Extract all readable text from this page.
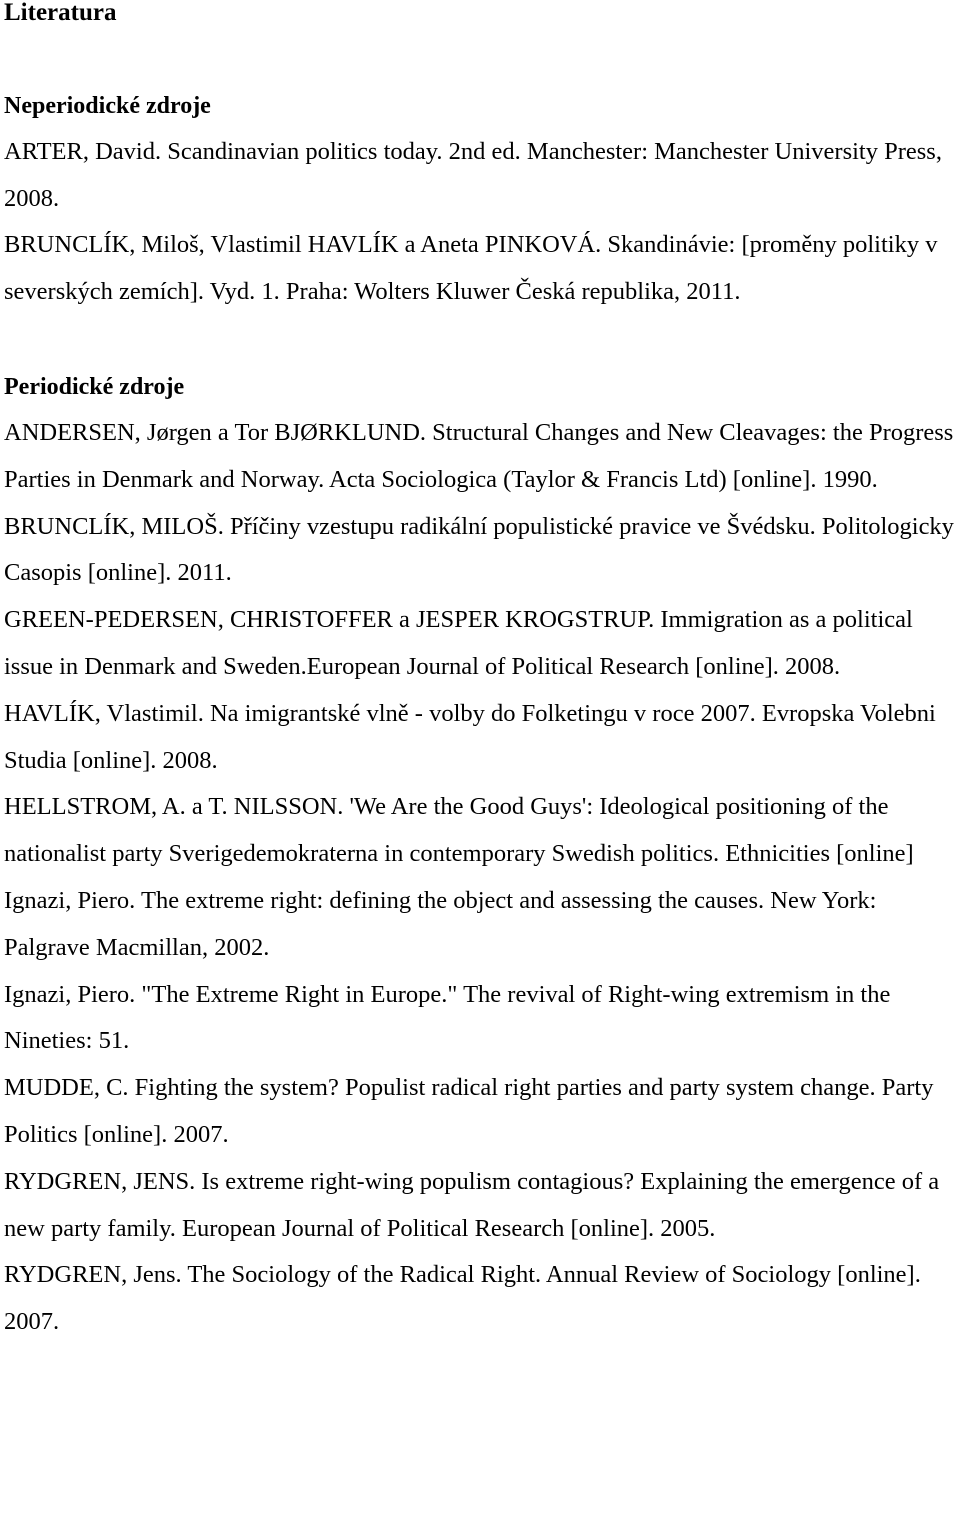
Literatura
Neperiodické zdroje

ARTER, David. Scandinavian politics today. 2nd ed. Manchester: Manchester University Press, 2008.

BRUNCLÍK, Miloš, Vlastimil HAVLÍK a Aneta PINKOVÁ. Skandinávie: [proměny politiky v severských zemích]. Vyd. 1. Praha: Wolters Kluwer Česká republika, 2011.

Periodické zdroje

ANDERSEN, Jørgen a Tor BJØRKLUND. Structural Changes and New Cleavages: the Progress Parties in Denmark and Norway. Acta Sociologica (Taylor & Francis Ltd) [online]. 1990.

BRUNCLÍK, MILOŠ. Příčiny vzestupu radikální populistické pravice ve Švédsku. Politologicky Casopis [online]. 2011.

GREEN-PEDERSEN, CHRISTOFFER a JESPER KROGSTRUP. Immigration as a political issue in Denmark and Sweden.European Journal of Political Research [online]. 2008.

HAVLÍK, Vlastimil. Na imigrantské vlně - volby do Folketingu v roce 2007. Evropska Volebni Studia [online]. 2008.

HELLSTROM, A. a T. NILSSON. 'We Are the Good Guys': Ideological positioning of the nationalist party Sverigedemokraterna in contemporary Swedish politics. Ethnicities [online]

Ignazi, Piero. The extreme right: defining the object and assessing the causes. New York: Palgrave Macmillan, 2002.

Ignazi, Piero. "The Extreme Right in Europe." The revival of Right-wing extremism in the Nineties: 51.

MUDDE, C. Fighting the system? Populist radical right parties and party system change. Party Politics [online]. 2007.

RYDGREN, JENS. Is extreme right-wing populism contagious? Explaining the emergence of a new party family. European Journal of Political Research [online]. 2005.

RYDGREN, Jens. The Sociology of the Radical Right. Annual Review of Sociology [online]. 2007.
